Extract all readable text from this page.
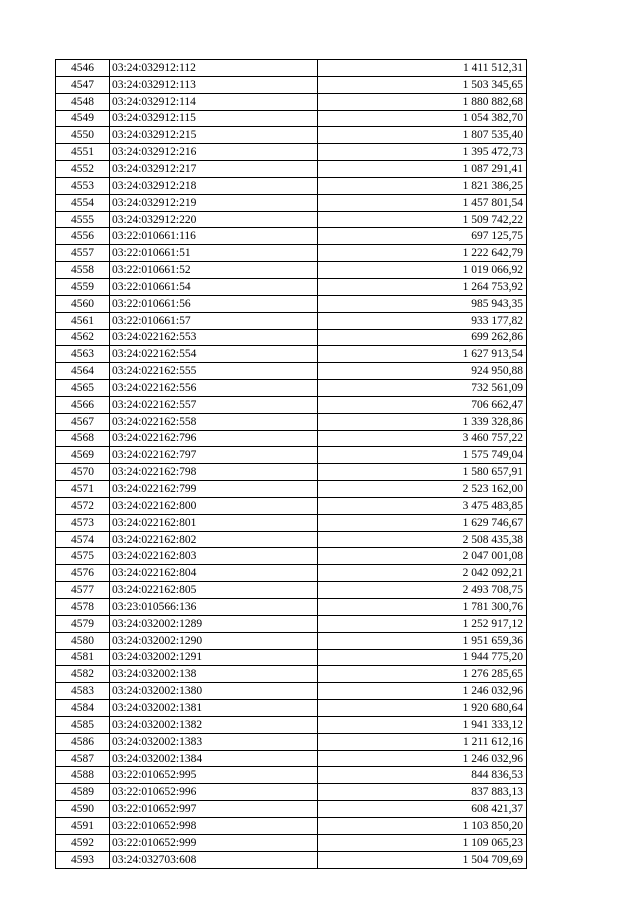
4546	03:24:032912:112	1 411 512,31
4547	03:24:032912:113	1 503 345,65
4548	03:24:032912:114	1 880 882,68
4549	03:24:032912:115	1 054 382,70
4550	03:24:032912:215	1 807 535,40
4551	03:24:032912:216	1 395 472,73
4552	03:24:032912:217	1 087 291,41
4553	03:24:032912:218	1 821 386,25
4554	03:24:032912:219	1 457 801,54
4555	03:24:032912:220	1 509 742,22
4556	03:22:010661:116	697 125,75
4557	03:22:010661:51	1 222 642,79
4558	03:22:010661:52	1 019 066,92
4559	03:22:010661:54	1 264 753,92
4560	03:22:010661:56	985 943,35
4561	03:22:010661:57	933 177,82
4562	03:24:022162:553	699 262,86
4563	03:24:022162:554	1 627 913,54
4564	03:24:022162:555	924 950,88
4565	03:24:022162:556	732 561,09
4566	03:24:022162:557	706 662,47
4567	03:24:022162:558	1 339 328,86
4568	03:24:022162:796	3 460 757,22
4569	03:24:022162:797	1 575 749,04
4570	03:24:022162:798	1 580 657,91
4571	03:24:022162:799	2 523 162,00
4572	03:24:022162:800	3 475 483,85
4573	03:24:022162:801	1 629 746,67
4574	03:24:022162:802	2 508 435,38
4575	03:24:022162:803	2 047 001,08
4576	03:24:022162:804	2 042 092,21
4577	03:24:022162:805	2 493 708,75
4578	03:23:010566:136	1 781 300,76
4579	03:24:032002:1289	1 252 917,12
4580	03:24:032002:1290	1 951 659,36
4581	03:24:032002:1291	1 944 775,20
4582	03:24:032002:138	1 276 285,65
4583	03:24:032002:1380	1 246 032,96
4584	03:24:032002:1381	1 920 680,64
4585	03:24:032002:1382	1 941 333,12
4586	03:24:032002:1383	1 211 612,16
4587	03:24:032002:1384	1 246 032,96
4588	03:22:010652:995	844 836,53
4589	03:22:010652:996	837 883,13
4590	03:22:010652:997	608 421,37
4591	03:22:010652:998	1 103 850,20
4592	03:22:010652:999	1 109 065,23
4593	03:24:032703:608	1 504 709,69
